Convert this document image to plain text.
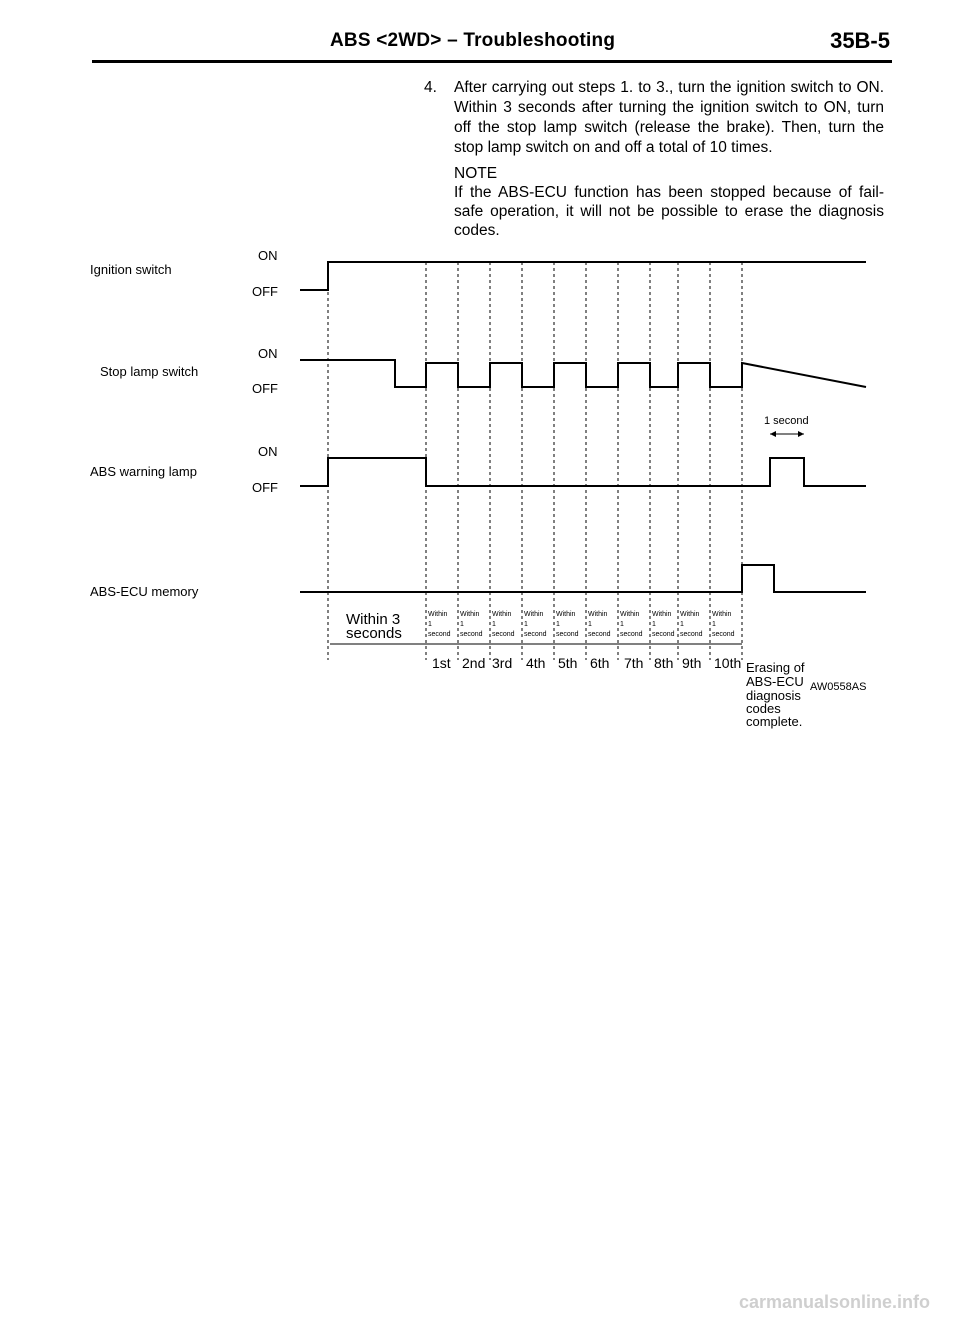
ABS <2WD> – Troubleshooting	35B-5
4. After carrying out steps 1. to 3., turn the ignition switch to ON. Within 3 seconds after turning the ignition switch to ON, turn off the stop lamp switch (release the brake). Then, turn the stop lamp switch on and off a total of 10 times.
NOTE
If the ABS-ECU function has been stopped because of fail-safe operation, it will not be possible to erase the diagnosis codes.
Ignition switch
ON
OFF
Stop lamp switch
ON
OFF
ABS warning lamp
ON
OFF
ABS-ECU memory
1 second
Within 3
seconds
Within
1
second
Within
1
second
Within
1
second
Within
1
second
Within
1
second
Within
1
second
Within
1
second
Within
1
second
Within
1
second
Within
1
second
1st 2nd 3rd 4th 5th 6th 7th 8th 9th 10th Erasing of
ABS-ECU
diagnosis
codes
complete.
AW0558AS
carmanualsonline.info
